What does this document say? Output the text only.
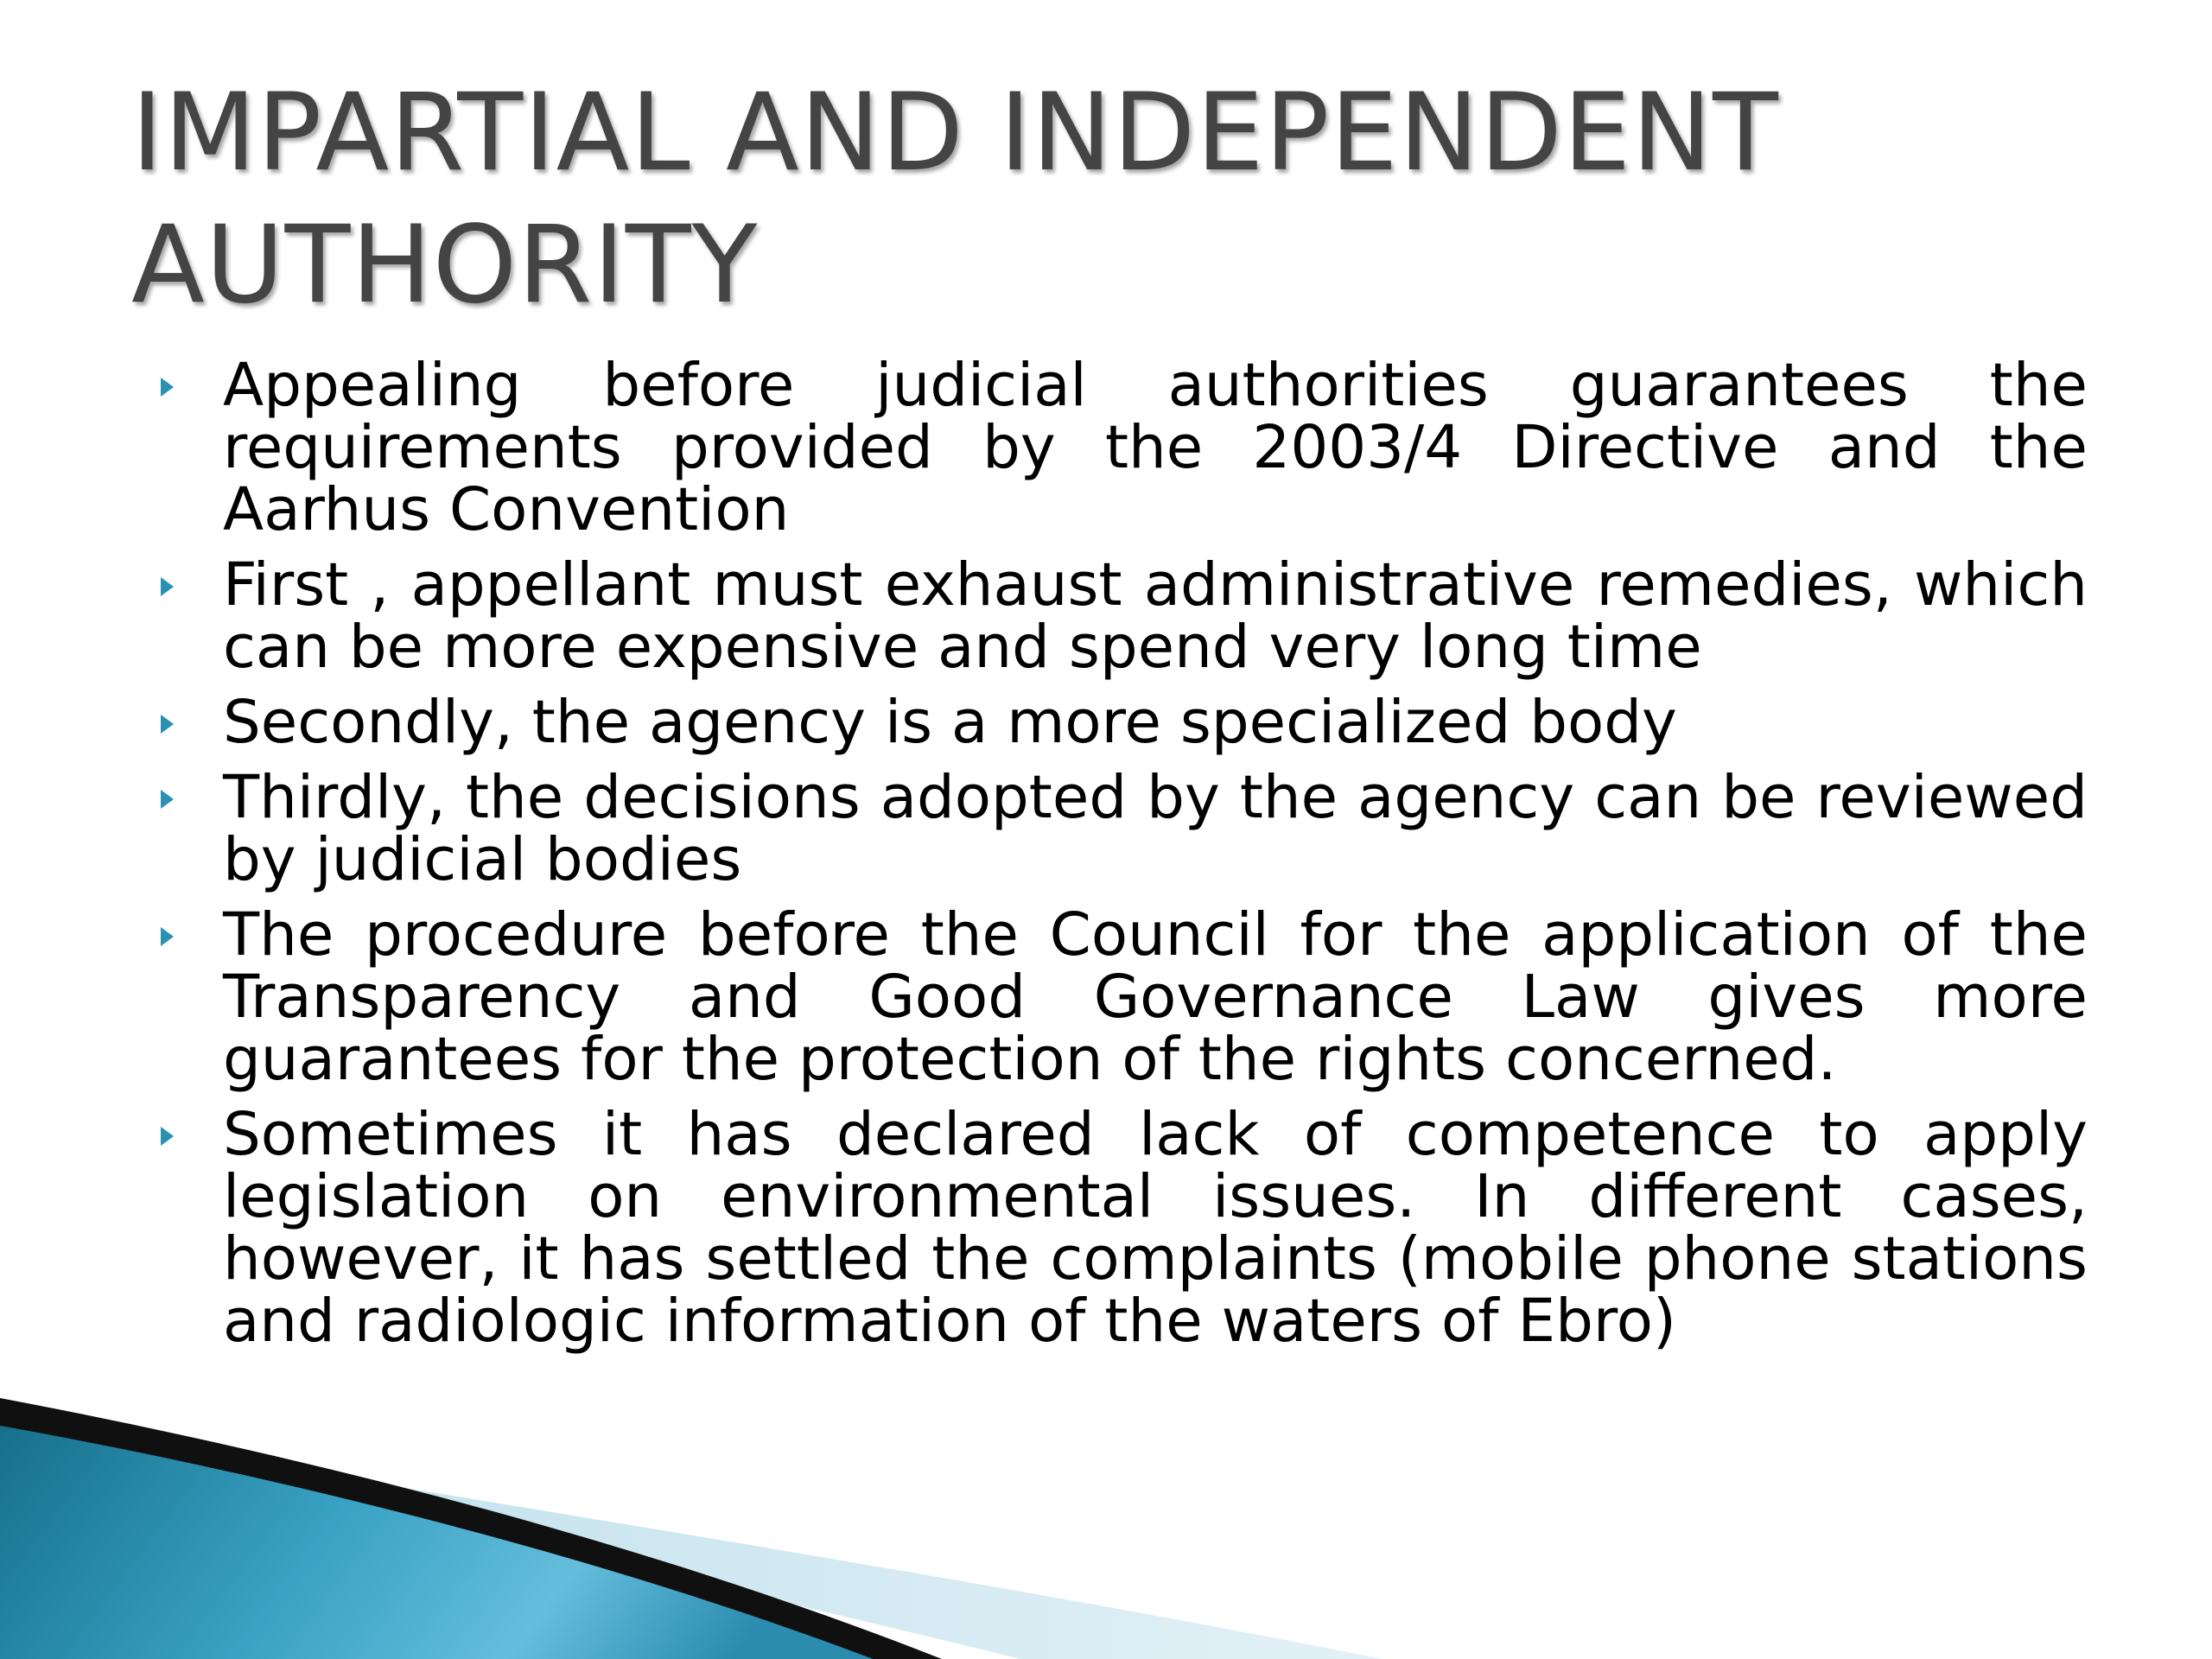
IMPARTIAL AND INDEPENDENT AUTHORITY
Appealing before judicial authorities guarantees the requirements provided by the 2003/4 Directive and the Aarhus Convention
First , appellant must exhaust administrative remedies, which can be more expensive and spend very long time
Secondly, the agency is a more specialized body
Thirdly, the decisions adopted by the agency can be reviewed by judicial bodies
The procedure before the Council for the application of the Transparency and Good Governance Law gives more guarantees for the protection of the rights concerned.
Sometimes it has declared lack of competence to apply legislation on environmental issues. In different cases, however, it has settled the complaints (mobile phone stations and radiologic information of the waters of Ebro)
